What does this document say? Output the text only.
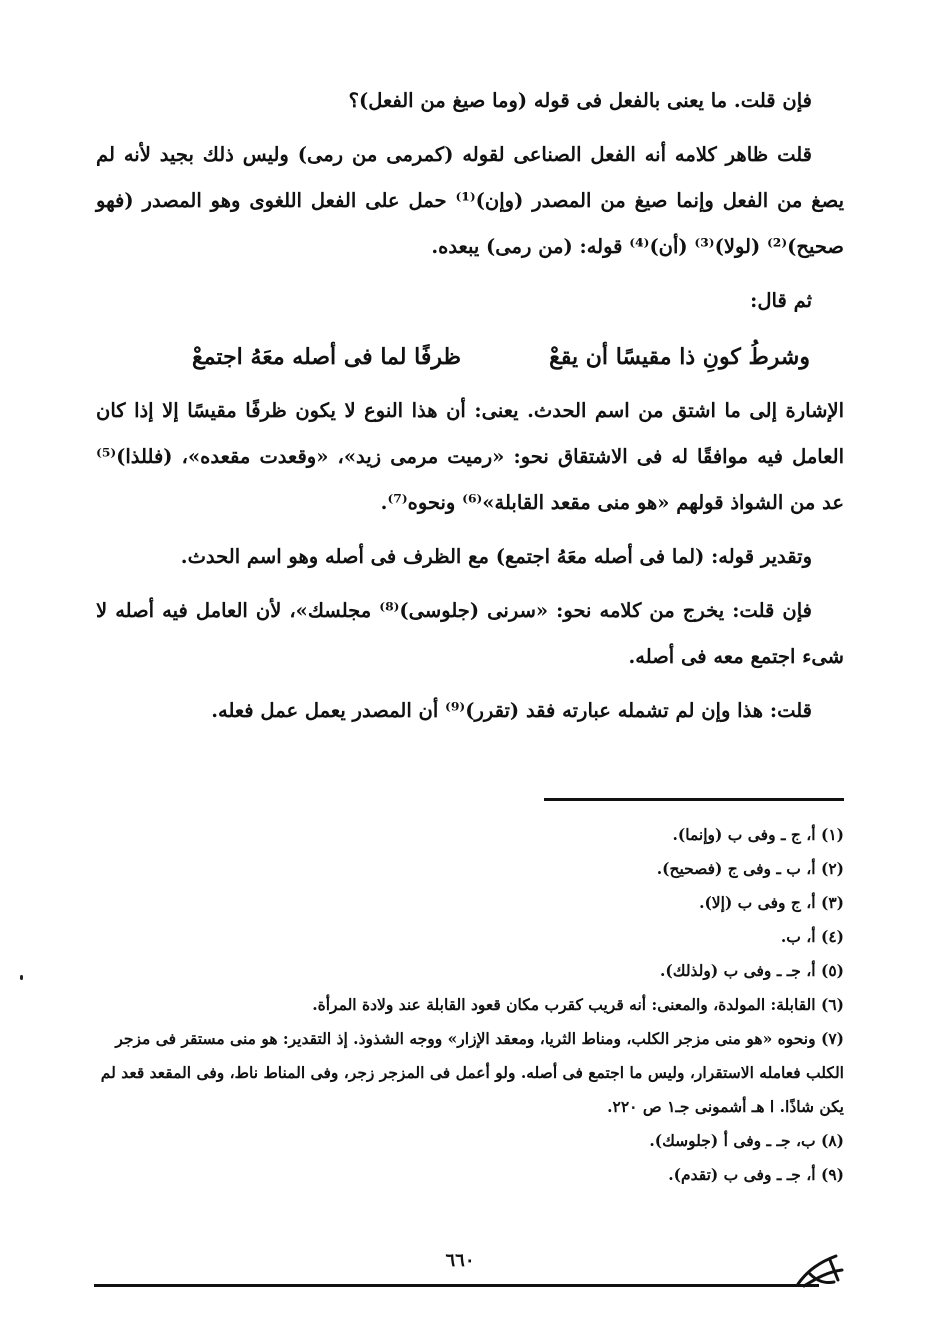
فإن قلت. ما يعنى بالفعل فى قوله (وما صيغ من الفعل)؟

قلت ظاهر كلامه أنه الفعل الصناعى لقوله (كمرمى من رمى) وليس ذلك بجيد لأنه لم يصغ من الفعل وإنما صيغ من المصدر (وإن)⁽¹⁾ حمل على الفعل اللغوى وهو المصدر (فهو صحيح)⁽²⁾ (لولا)⁽³⁾ (أن)⁽⁴⁾ قوله: (من رمى) يبعده.

ثم قال:

وشرطُ كونِ ذا مقيسًا أن يقعْ
ظرفًا لما فى أصله معَهُ اجتمعْ

الإشارة إلى ما اشتق من اسم الحدث. يعنى: أن هذا النوع لا يكون ظرفًا مقيسًا إلا إذا كان العامل فيه موافقًا له فى الاشتقاق نحو: «رميت مرمى زيد»، «وقعدت مقعده»، (فللذا)⁽⁵⁾ عد من الشواذ قولهم «هو منى مقعد القابلة»⁽⁶⁾ ونحوه⁽⁷⁾.

وتقدير قوله: (لما فى أصله معَهُ اجتمع) مع الظرف فى أصله وهو اسم الحدث.

فإن قلت: يخرج من كلامه نحو: «سرنى (جلوسى)⁽⁸⁾ مجلسك»، لأن العامل فيه أصله لا شىء اجتمع معه فى أصله.

قلت: هذا وإن لم تشمله عبارته فقد (تقرر)⁽⁹⁾ أن المصدر يعمل عمل فعله.

(١) أ، ج ـ وفى ب (وإنما).

(٢) أ، ب ـ وفى ج (فصحيح).

(٣) أ، ج وفى ب (إلا).

(٤) أ، ب.

(٥) أ، جـ ـ وفى ب (ولذلك).

(٦) القابلة: المولدة، والمعنى: أنه قريب كقرب مكان قعود القابلة عند ولادة المرأة.

(٧) ونحوه «هو منى مزجر الكلب، ومناط الثريا، ومعقد الإزار» ووجه الشذوذ. إذ التقدير: هو منى مستقر فى مزجر الكلب فعامله الاستقرار، وليس ما اجتمع فى أصله. ولو أعمل فى المزجر زجر، وفى المناط ناط، وفى المقعد قعد لم يكن شاذًا. ا هـ أشمونى جـ١ ص ٢٢٠.

(٨) ب، جـ ـ وفى أ (جلوسك).

(٩) أ، جـ ـ وفى ب (تقدم).

٦٦٠
